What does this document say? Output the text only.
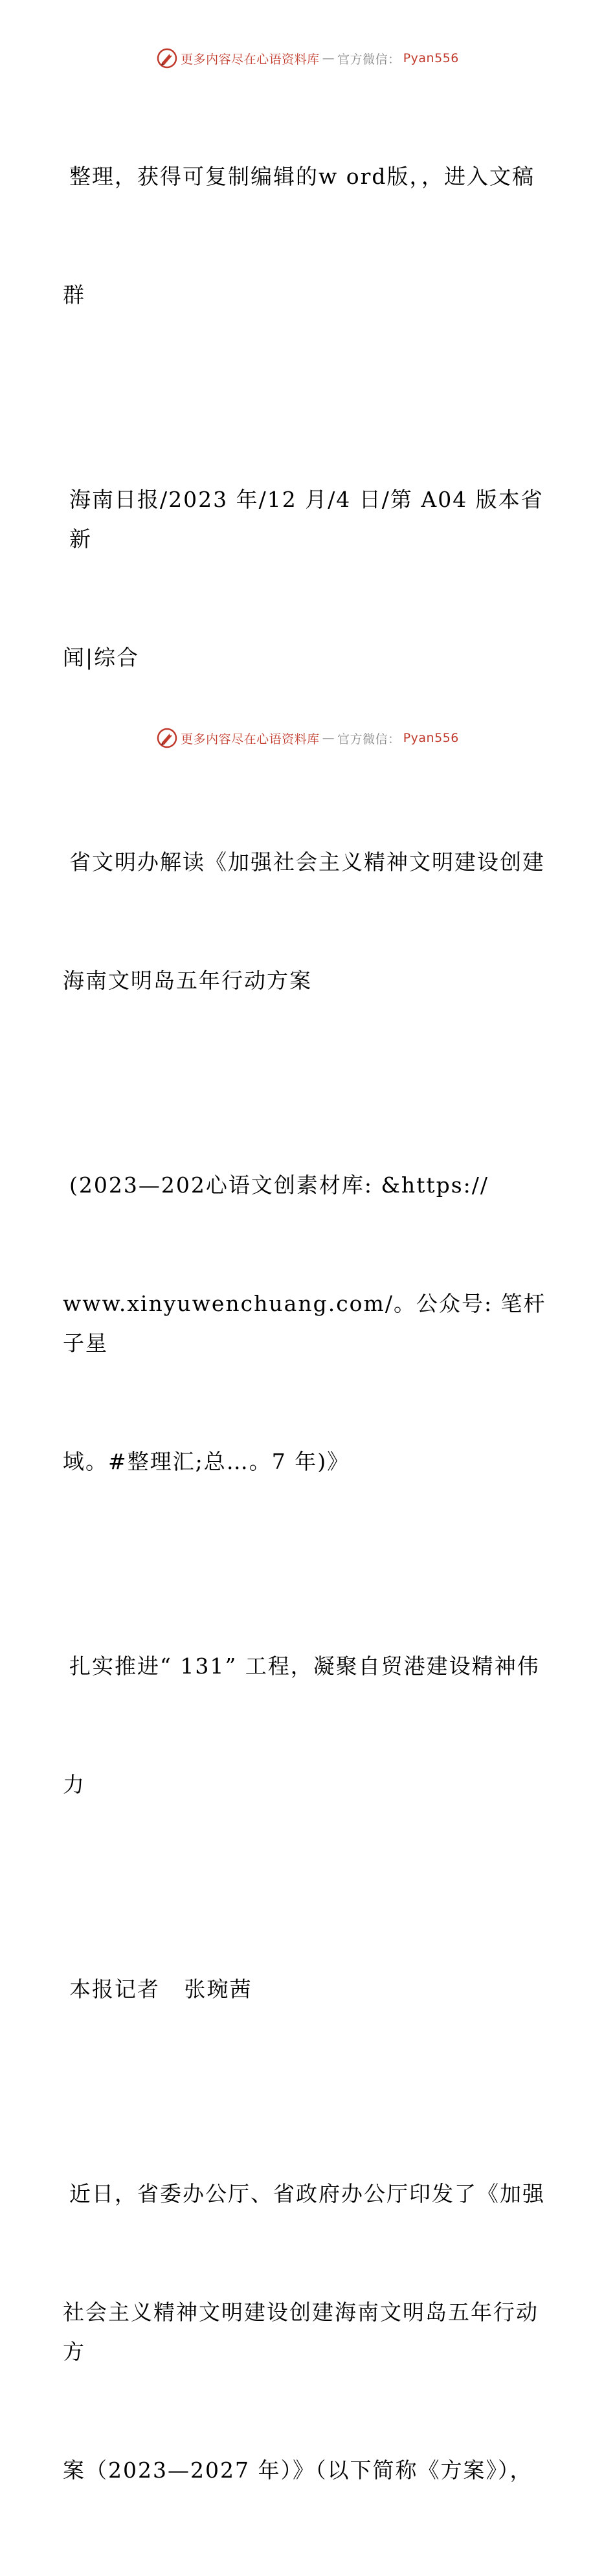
更多内容尽在心语资料库 — 官方微信： Pyan556

整理，获得可复制编辑的w ord版，，进入文稿

群

海南日报/2023 年/12 月/4 日/第 A04 版本省新

闻|综合

省文明办解读《加强社会主义精神文明建设创建

海南文明岛五年行动方案

(2023—202心语文创素材库: &https://

www.xinyuwenchuang.com/。公众号: 笔杆子星

域。#整理汇;总…。7 年)》

扎实推进“ 131” 工程，凝聚自贸港建设精神伟

力

本报记者   张琬茜

近日，省委办公厅、省政府办公厅印发了《加强

社会主义精神文明建设创建海南文明岛五年行动方

案（2023—2027 年）》（以下简称《方案》），

更多内容尽在心语资料库 — 官方微信： Pyan556
